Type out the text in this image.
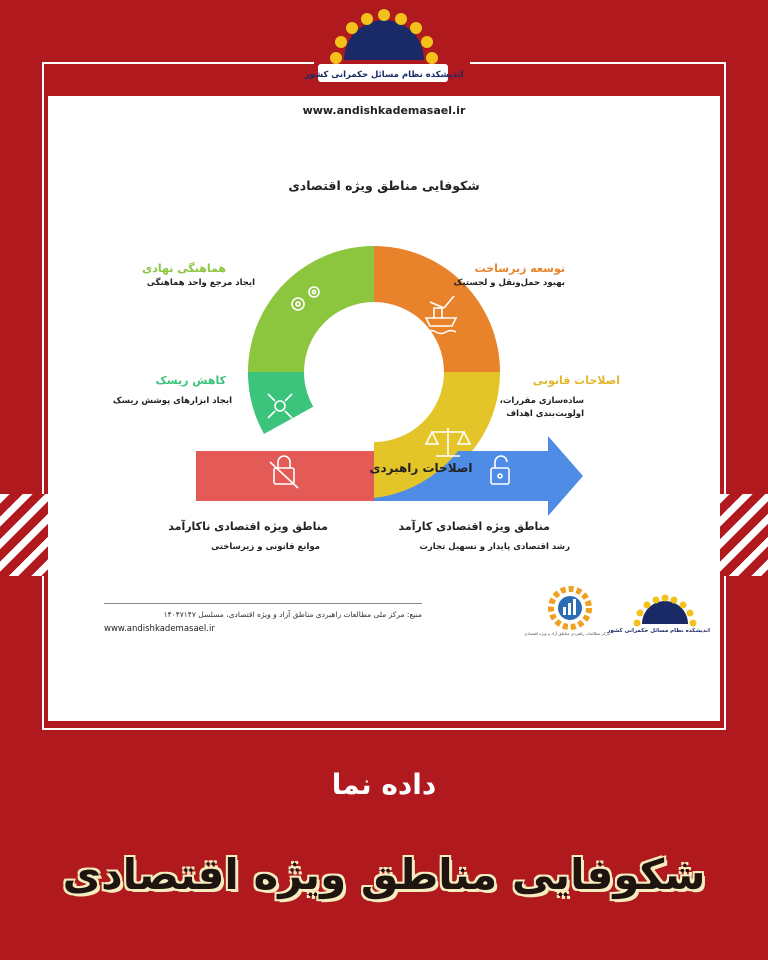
اندیشکده نظام مسائل حکمرانی کشور
www.andishkademasael.ir
شکوفایی مناطق ویژه اقتصادی
اصلاحات راهبردی
توسعه زیرساخت
بهبود حمل‌ونقل و لجستیک
اصلاحات قانونی
ساده‌سازی مقررات،
اولویت‌بندی اهداف
هماهنگی نهادی
ایجاد مرجع واحد هماهنگی
کاهش ریسک
ایجاد ابزارهای پوشش ریسک
مناطق ویژه اقتصادی ناکارآمد
موانع قانونی و زیرساختی
مناطق ویژه اقتصادی کارآمد
رشد اقتصادی پایدار و تسهیل تجارت
منبع: مرکز ملی مطالعات راهبردی مناطق آزاد و ویژه اقتصادی، مسلسل ۱۴۰۴۷۱۴۷
www.andishkademasael.ir	مرکز مطالعات راهبردی مناطق آزاد و ویژه اقتصادی
اندیشکده نظام مسائل حکمرانی کشور
داده نما
شکوفایی مناطق ویژه اقتصادی
